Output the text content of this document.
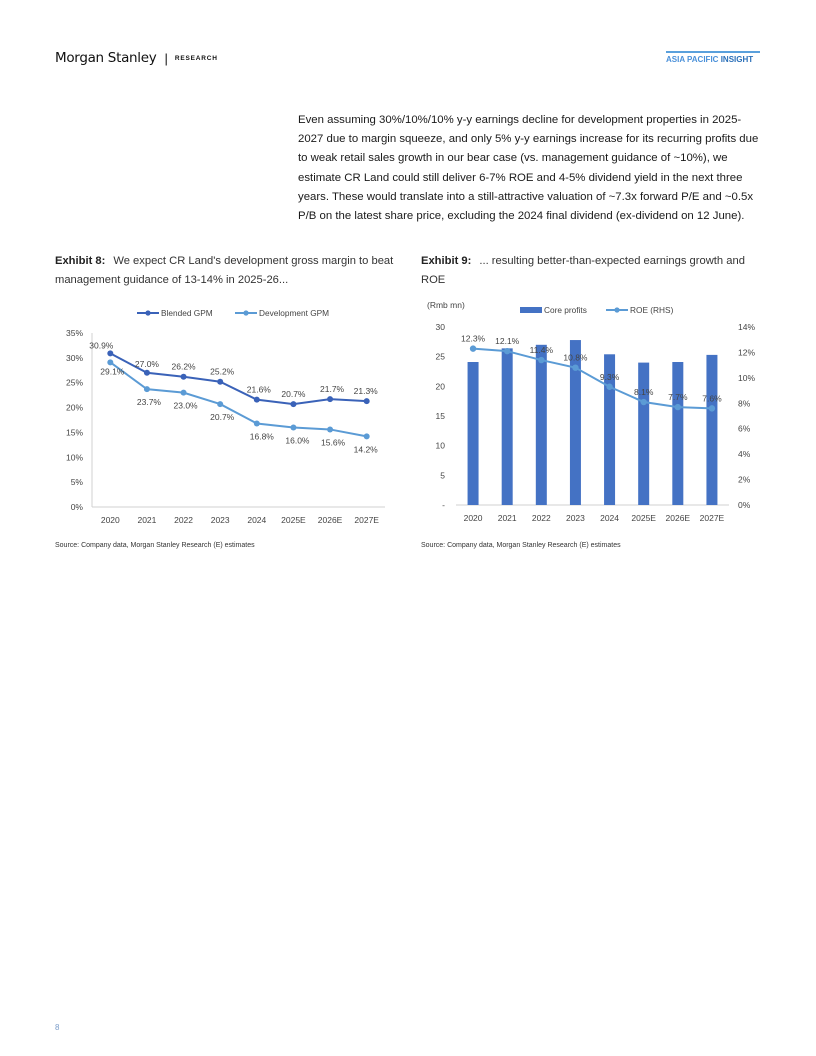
Morgan Stanley | RESEARCH	ASIA PACIFIC INSIGHT
Even assuming 30%/10%/10% y-y earnings decline for development properties in 2025-2027 due to margin squeeze, and only 5% y-y earnings increase for its recurring profits due to weak retail sales growth in our bear case (vs. management guidance of ~10%), we estimate CR Land could still deliver 6-7% ROE and 4-5% dividend yield in the next three years. These would translate into a still-attractive valuation of ~7.3x forward P/E and ~0.5x P/B on the latest share price, excluding the 2024 final dividend (ex-dividend on 12 June).
Exhibit 8: We expect CR Land's development gross margin to beat management guidance of 13-14% in 2025-26...
Exhibit 9: ... resulting better-than-expected earnings growth and ROE
0%
5%
10%
15%
20%
25%
30%
35%
2020 2021 2022 2023 2024 2025E 2026E 2027E
Blended GPM	Development GPM
30.9%
27.0% 26.2% 25.2%
21.6% 20.7% 21.7% 21.3%
29.1%
23.7% 23.0%
20.7%
16.8% 16.0% 15.6%
14.2%
(Rmb mn)
-
5
10
15
20
25
30
0%
2%
4%
6%
8%
10%
12%
14%
2020 2021 2022 2023 2024 2025E 2026E 2027E
Core profits	ROE (RHS)
12.3% 12.1%
11.4%
10.8%
9.3%
8.1%
7.7% 7.6%
Source: Company data, Morgan Stanley Research (E) estimates	Source: Company data, Morgan Stanley Research (E) estimates
8
